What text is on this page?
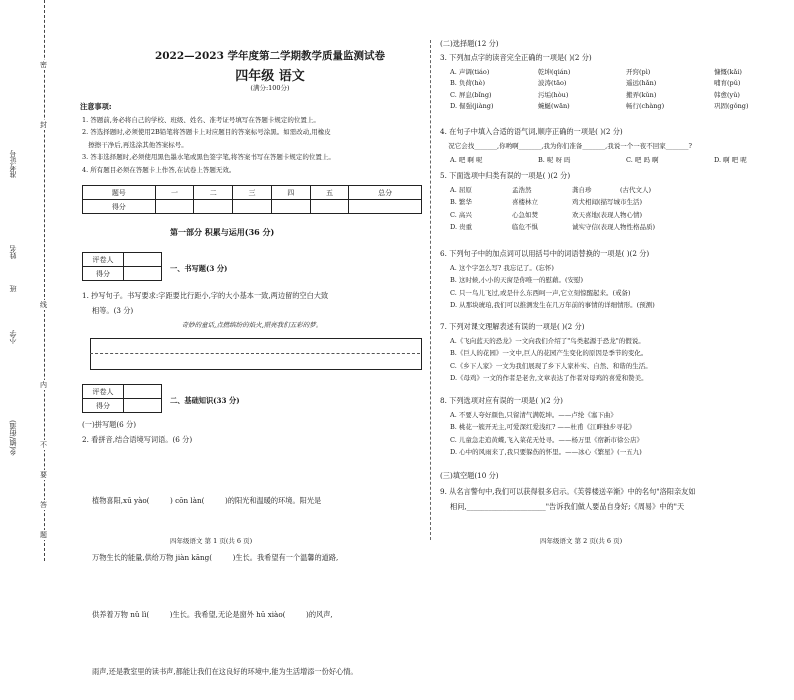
准考证号
姓名
班
小学
乡(镇/街道)
密
封
线
内
不
要
答
题
2022—2023 学年度第二学期教学质量监测试卷
四年级 语文
(满分:100分)
注意事项:
1. 答题前,务必将自己的学校、班级、姓名、准考证号填写在答题卡规定的位置上。
2. 答选择题时,必须使用2B铅笔将答题卡上对应题目的答案标号涂黑。如需改动,用橡皮
擦擦干净后,再选涂其他答案标号。
3. 答非选择题时,必须使用黑色墨水笔或黑色签字笔,将答案书写在答题卡规定的位置上。
4. 所有题目必须在答题卡上作答,在试卷上答题无效。
题号	一	二	三	四	五	总分
得分						
第一部分 积累与运用(36 分)
评卷人	
得分	
一、书写题(3 分)
1. 抄写句子。书写要求:字距要比行距小,字的大小基本一致,两边留的空白大致
相等。(3 分)
奇妙的童话,点燃缤纷的焰火,照亮我们五彩的梦。
评卷人	
得分	
二、基础知识(33 分)
(一)拼写题(6 分)
2. 看拼音,结合语境写词语。(6 分)

植物喜阳,xū yào(         ) cōn làn(         )的阳光和温暖的环境。阳光是

万物生长的能量,供给万物 jiàn kāng(         )生长。我希望有一个温馨的道路,

供养着万物 nǔ lì(         )生长。我希望,无论是窗外 hū xiào(         )的风声,

雨声,还是教室里的读书声,都能让我们在这良好的环境中,能为生活增添一份好心情。

四年级语文 第 1 页(共 6 页)
(二)选择题(12 分)
3. 下列加点字的读音完全正确的一项是( )(2 分)
A. 声调(tiáo)	乾坤(qián)	开窍(pì)	慷慨(kǎi)
B. 负荷(hè)	波涛(tāo)	遥远(hǎn)	哺育(pǔ)
C. 屏息(bǐng)	污垢(hòu)	搬弄(kǔn)	韩愈(yǔ)
D. 倔强(jiàng)	蜿蜒(wān)	畅行(chàng)	巩固(gǒng)
4. 在句子中填入合适的语气词,顺序正确的一项是( )(2 分)
况它会找_______,你哟啊_______,我为你们准备_______,我说一个一夜不回家_______?
A. 吧 啊 呢	B. 呢 呀 吗	C. 吧 吗 啊	D. 啊 吧 呢
5. 下面选项中归类有误的一项是( )(2 分)
A. 屈原	孟浩然	龚自珍	(古代文人)
B. 繁华	喜楼林立	鸡犬相闻(描写城市生活)
C. 高兴	心急如焚	欢天喜地(表现人物心情)
D. 贵重	临危不惧	诚实守信(表现人物性格品质)
6. 下列句子中的加点词可以用括号中的词语替换的一项是( )(2 分)
A. 这个字怎么写? 我忘记了。(忘怀)
B. 这时候,小小的天窗是你唯一的慰藉。(安慰)
C. 只一鸟儿飞过,或是什么东西呵一声,它立刻惊醒起来。(戒备)
D. 从那块琥珀,我们可以推测发生在几万年前的事情的详细情形。(预测)
7. 下列对课文理解表述有误的一项是( )(2 分)
A.《飞向蓝天的恐龙》一文向我们介绍了"鸟类起源于恐龙"的假说。
B.《巨人的花园》一文中,巨人的花园产生变化的原因是季节的变化。
C.《乡下人家》一文为我们展现了乡下人家朴实、自然、和谐的生活。
D.《母鸡》一文的作者是老舍,文章表达了作者对母鸡的喜爱和赞美。
8. 下列选项对应有误的一项是( )(2 分)
A. 不要人夸好颜色,只留清气满乾坤。——卢纶《塞下曲》
B. 桃花一簇开无主,可爱深红爱浅红? ——杜甫《江畔独步寻花》
C. 儿童急走追黄蝶,飞入菜花无处寻。——杨万里《宿新市徐公店》
D. 心中的风雨来了,我只要躲伤的怀里。——冰心《繁星》(一五九)
(三)填空题(10 分)
9. 从名言警句中,我们可以获得很多启示。《芙蓉楼送辛渐》中的名句"洛阳亲友如
相问,______________________"告诉我们做人要品自身好;《周易》中的"天
四年级语文 第 2 页(共 6 页)
